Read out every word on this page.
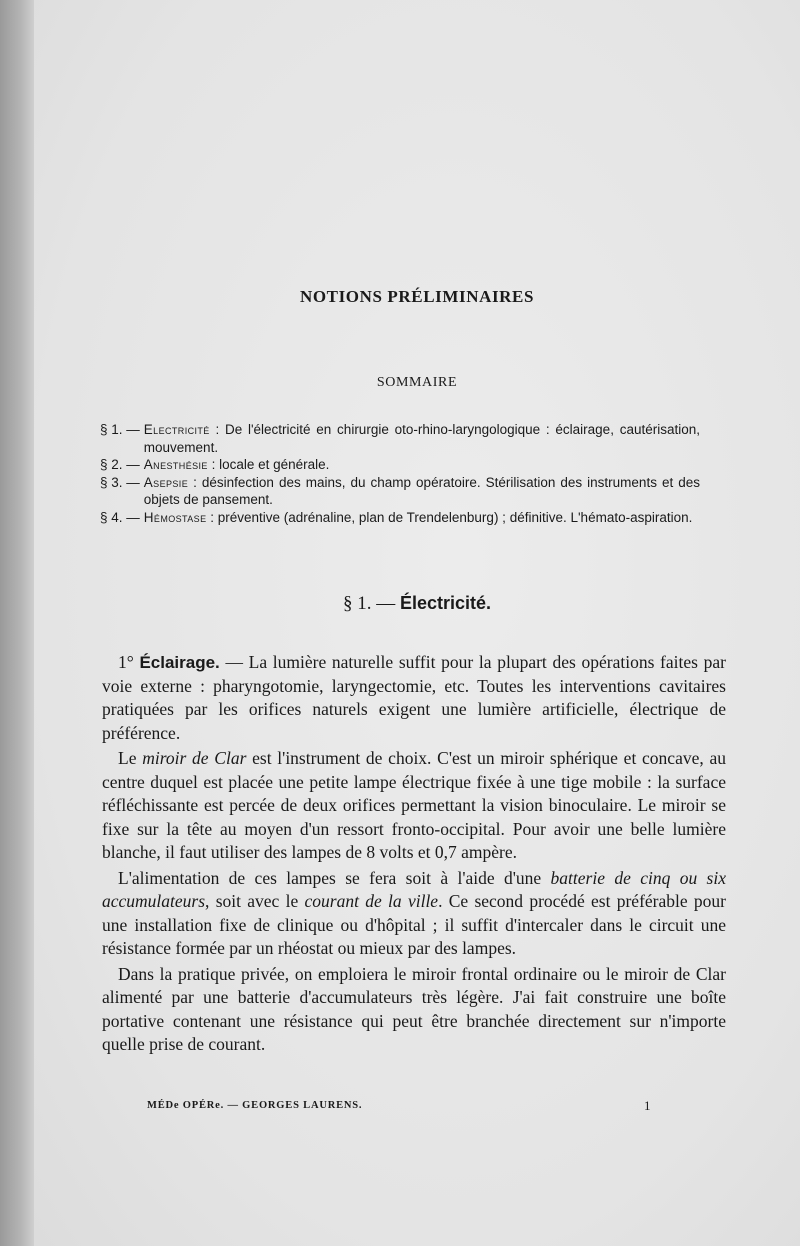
NOTIONS PRÉLIMINAIRES
SOMMAIRE
§ 1. — Electricité : De l'électricité en chirurgie oto-rhino-laryngologique : éclairage, cautérisation, mouvement.
§ 2. — Anesthésie : locale et générale.
§ 3. — Asepsie : désinfection des mains, du champ opératoire. Stérilisation des instruments et des objets de pansement.
§ 4. — Hémostase : préventive (adrénaline, plan de Trendelenburg) ; définitive. L'hémato-aspiration.
§ 1. — Électricité.

1° Éclairage. — La lumière naturelle suffit pour la plupart des opérations faites par voie externe : pharyngotomie, laryngectomie, etc. Toutes les interventions cavitaires pratiquées par les orifices naturels exigent une lumière artificielle, électrique de préférence.

Le miroir de Clar est l'instrument de choix. C'est un miroir sphérique et concave, au centre duquel est placée une petite lampe électrique fixée à une tige mobile : la surface réfléchissante est percée de deux orifices permettant la vision binoculaire. Le miroir se fixe sur la tête au moyen d'un ressort fronto-occipital. Pour avoir une belle lumière blanche, il faut utiliser des lampes de 8 volts et 0,7 ampère.

L'alimentation de ces lampes se fera soit à l'aide d'une batterie de cinq ou six accumulateurs, soit avec le courant de la ville. Ce second procédé est préférable pour une installation fixe de clinique ou d'hôpital ; il suffit d'intercaler dans le circuit une résistance formée par un rhéostat ou mieux par des lampes.

Dans la pratique privée, on emploiera le miroir frontal ordinaire ou le miroir de Clar alimenté par une batterie d'accumulateurs très légère. J'ai fait construire une boîte portative contenant une résistance qui peut être branchée directement sur n'importe quelle prise de courant.

MÉDe OPÉRe. — GEORGES LAURENS.	1
